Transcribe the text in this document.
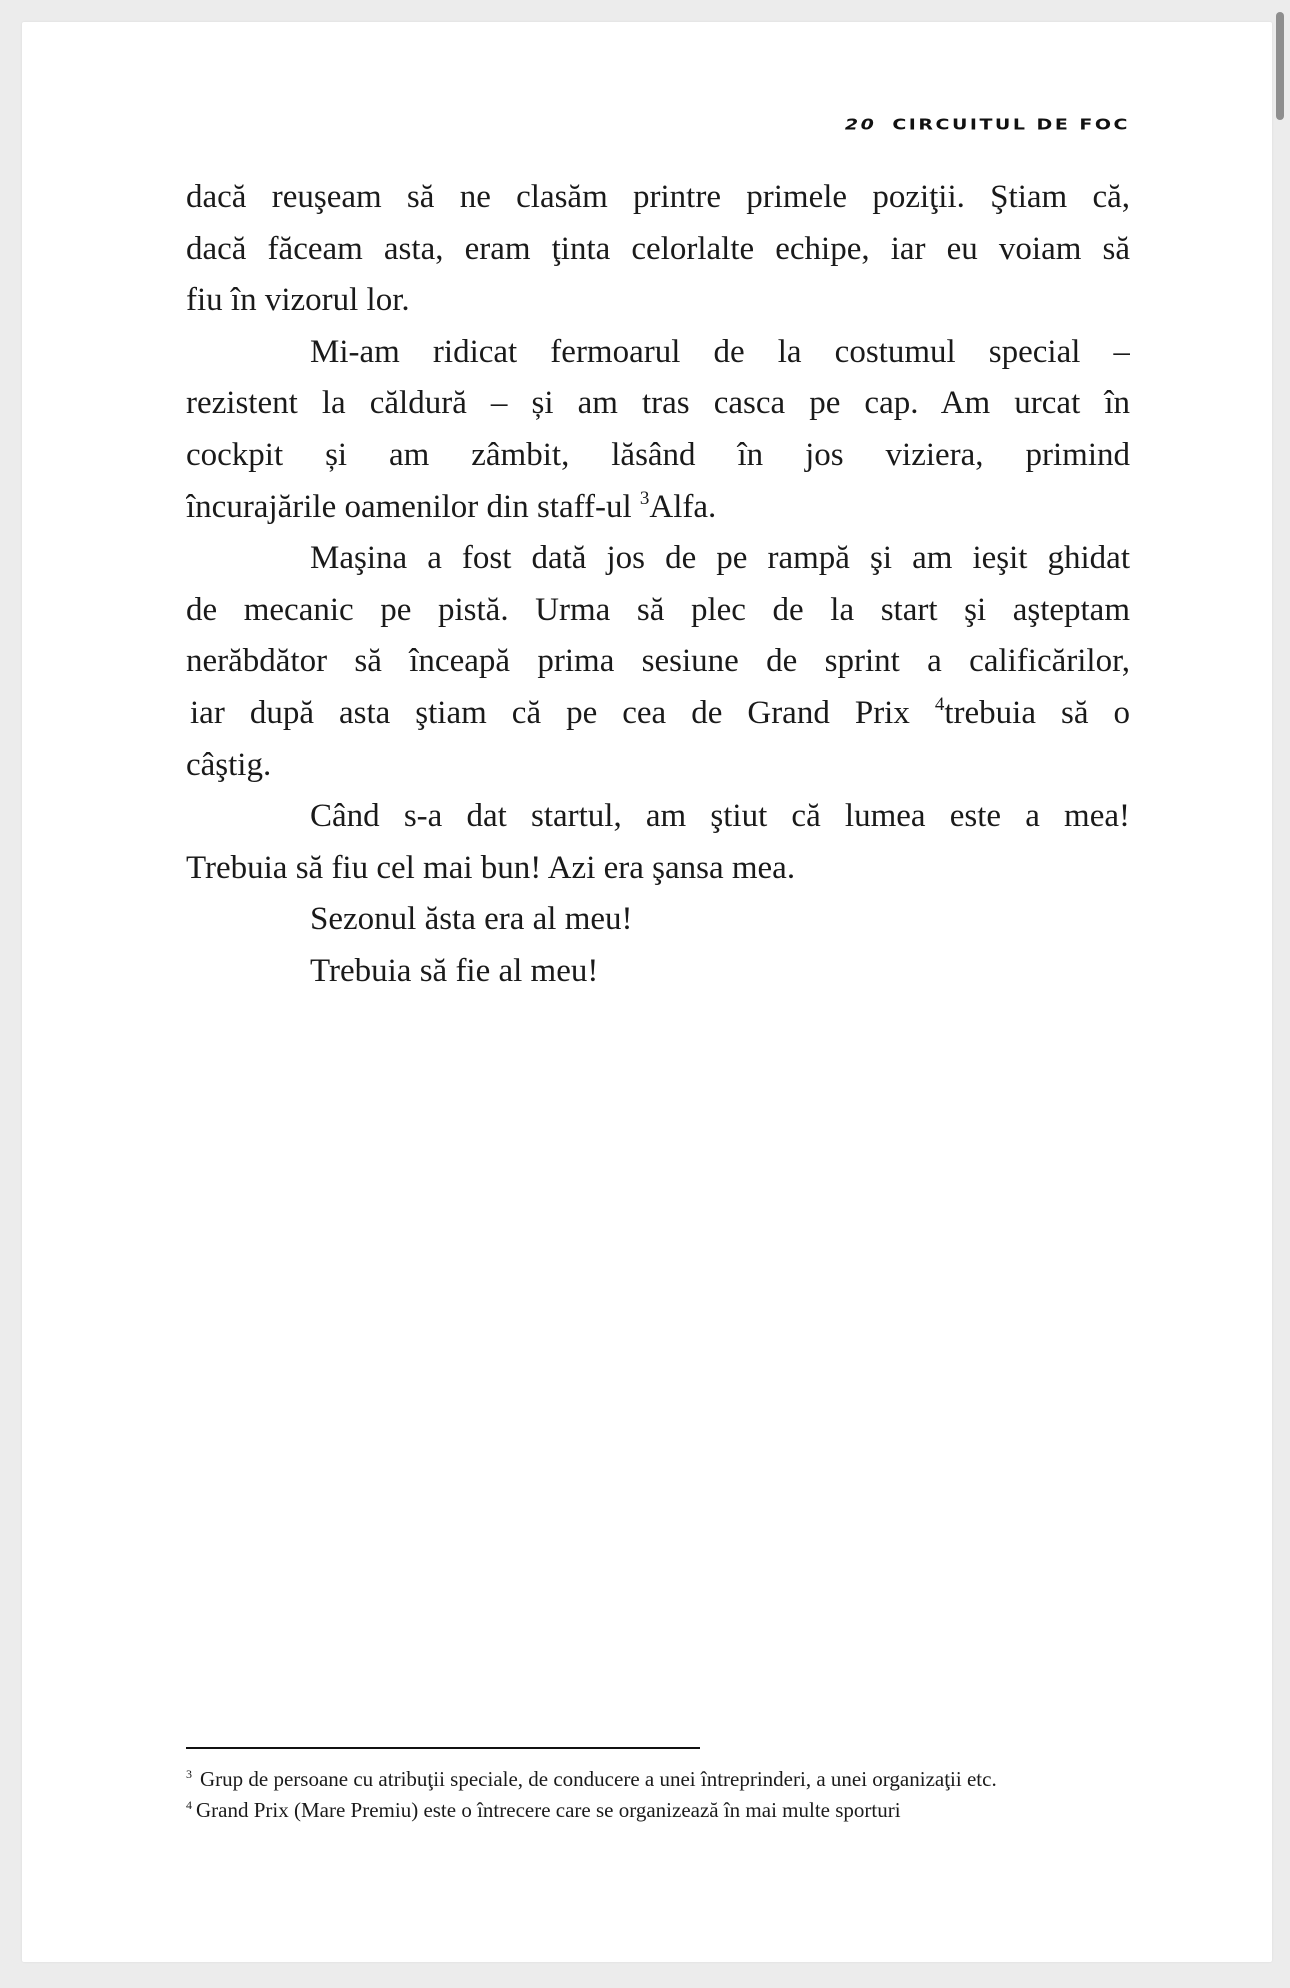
20 CIRCUITUL DE FOC
dacă reuşeam să ne clasăm printre primele poziţii. Ştiam că,
dacă făceam asta, eram ţinta celorlalte echipe, iar eu voiam să
fiu în vizorul lor.
Mi-am ridicat fermoarul de la costumul special –
rezistent la căldură – și am tras casca pe cap. Am urcat în
cockpit și am zâmbit, lăsând în jos viziera, primind
încurajările oamenilor din staff-ul $^3$Alfa.
Maşina a fost dată jos de pe rampă şi am ieşit ghidat
de mecanic pe pistă. Urma să plec de la start şi aşteptam
nerăbdător să înceapă prima sesiune de sprint a calificărilor,
iar după asta ştiam că pe cea de Grand Prix $^4$trebuia să o
câştig.
Când s-a dat startul, am ştiut că lumea este a mea!
Trebuia să fiu cel mai bun! Azi era şansa mea.
Sezonul ăsta era al meu!
Trebuia să fie al meu!

$^3$ Grup de persoane cu atribuţii speciale, de conducere a unei întreprinderi, a unei organizaţii etc.

$^4$ Grand Prix (Mare Premiu) este o întrecere care se organizează în mai multe sporturi
